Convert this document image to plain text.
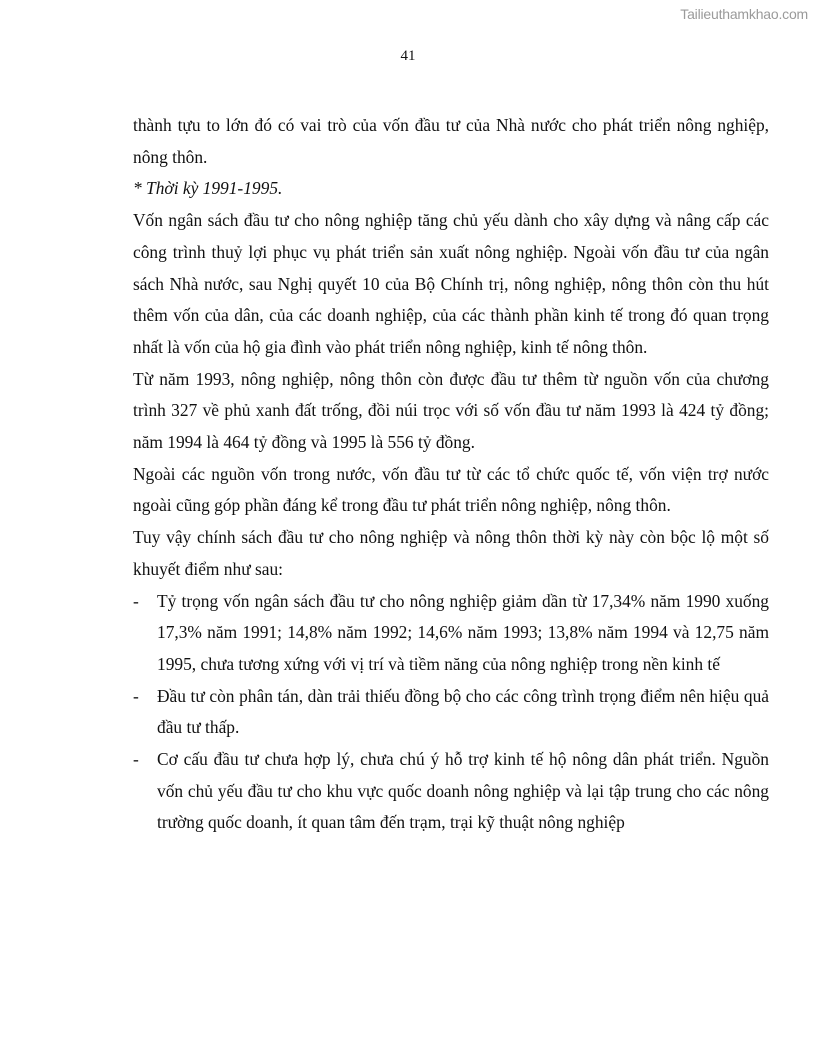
Tailieuthamkhao.com
41

thành tựu to lớn đó có vai trò của vốn đầu tư của Nhà nước cho phát triển nông nghiệp, nông thôn.

* Thời kỳ 1991-1995.

Vốn ngân sách đầu tư cho nông nghiệp tăng chủ yếu dành cho xây dựng và nâng cấp các công trình thuỷ lợi phục vụ phát triển sản xuất nông nghiệp. Ngoài vốn đầu tư của ngân sách Nhà nước, sau Nghị quyết 10 của Bộ Chính trị, nông nghiệp, nông thôn còn thu hút thêm vốn của dân, của các doanh nghiệp, của các thành phần kinh tế trong đó quan trọng nhất là vốn của hộ gia đình vào phát triển nông nghiệp, kinh tế nông thôn.

Từ năm 1993, nông nghiệp, nông thôn còn được đầu tư thêm từ nguồn vốn của chương trình 327 về phủ xanh đất trống, đồi núi trọc với số vốn đầu tư năm 1993 là 424 tỷ đồng; năm 1994 là 464 tỷ đồng và 1995 là 556 tỷ đồng.

Ngoài các nguồn vốn trong nước, vốn đầu tư từ các tổ chức quốc tế, vốn viện trợ nước ngoài cũng góp phần đáng kể trong đầu tư phát triển nông nghiệp, nông thôn.

Tuy vậy chính sách đầu tư cho nông nghiệp và nông thôn thời kỳ này còn bộc lộ một số khuyết điểm như sau:

-	Tỷ trọng vốn ngân sách đầu tư cho nông nghiệp giảm dần từ 17,34% năm 1990 xuống 17,3% năm 1991; 14,8% năm 1992; 14,6% năm 1993; 13,8% năm 1994 và 12,75 năm 1995, chưa tương xứng với vị trí và tiềm năng của nông nghiệp trong nền kinh tế
-	Đầu tư còn phân tán, dàn trải thiếu đồng bộ cho các công trình trọng điểm nên hiệu quả đầu tư thấp.
-	Cơ cấu đầu tư chưa hợp lý, chưa chú ý hỗ trợ kinh tế hộ nông dân phát triển. Nguồn vốn chủ yếu đầu tư cho khu vực quốc doanh nông nghiệp và lại tập trung cho các nông trường quốc doanh, ít quan tâm đến trạm, trại kỹ thuật nông nghiệp
